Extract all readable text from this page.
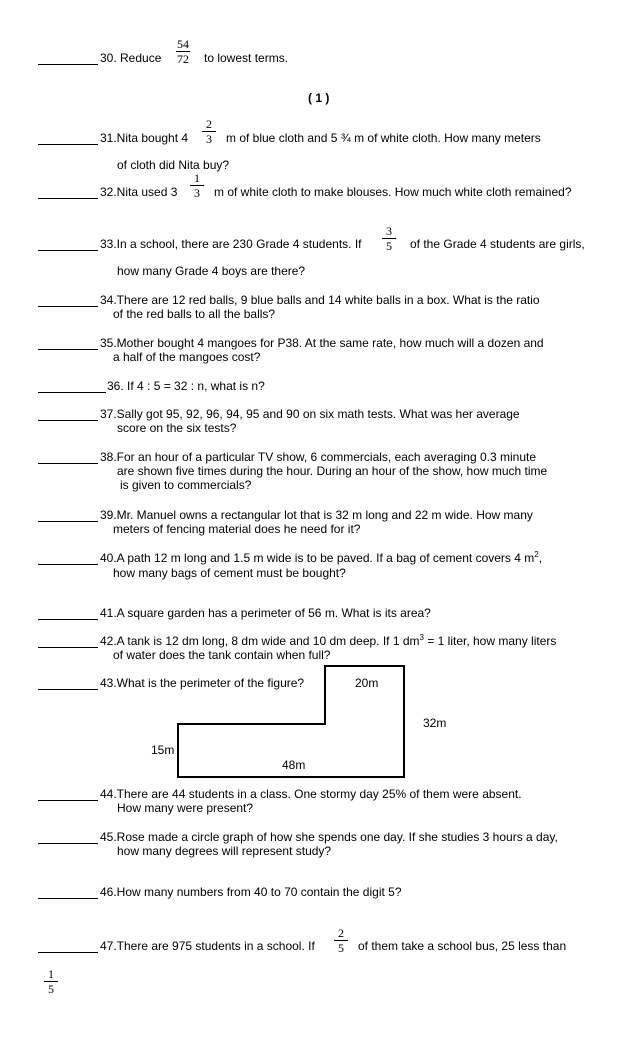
30. Reduce
54
72 to lowest terms.
( 1 )
31.Nita bought 4
2
3	m of blue cloth and 5 ¾ m of white cloth. How many meters
of cloth did Nita buy?
32.Nita used 3
1
3	m of white cloth to make blouses. How much white cloth remained?
33.In a school, there are 230 Grade 4 students. If
3
5	of the Grade 4 students are girls,
how many Grade 4 boys are there?
34.There are 12 red balls, 9 blue balls and 14 white balls in a box. What is the ratio
of the red balls to all the balls?
35.Mother bought 4 mangoes for P38. At the same rate, how much will a dozen and
a half of the mangoes cost?
36. If 4 : 5 = 32 : n, what is n?
37.Sally got 95, 92, 96, 94, 95 and 90 on six math tests. What was her average
score on the six tests?
38.For an hour of a particular TV show, 6 commercials, each averaging 0.3 minute
are shown five times during the hour. During an hour of the show, how much time
is given to commercials?
39.Mr. Manuel owns a rectangular lot that is 32 m long and 22 m wide. How many
meters of fencing material does he need for it?
40.A path 12 m long and 1.5 m wide is to be paved. If a bag of cement covers 4 $m^2$,
how many bags of cement must be bought?
41.A square garden has a perimeter of 56 m. What is its area?
42.A tank is 12 dm long, 8 dm wide and 10 dm deep. If 1 $dm^3 = 1$ liter, how many liters
of water does the tank contain when full?
43.What is the perimeter of the figure?	20m
32m
15m
48m
44.There are 44 students in a class. One stormy day 25% of them were absent.
How many were present?
45.Rose made a circle graph of how she spends one day. If she studies 3 hours a day,
how many degrees will represent study?
46.How many numbers from 40 to 70 contain the digit 5?
47.There are 975 students in a school. If
2
5	of them take a school bus, 25 less than
1
5
